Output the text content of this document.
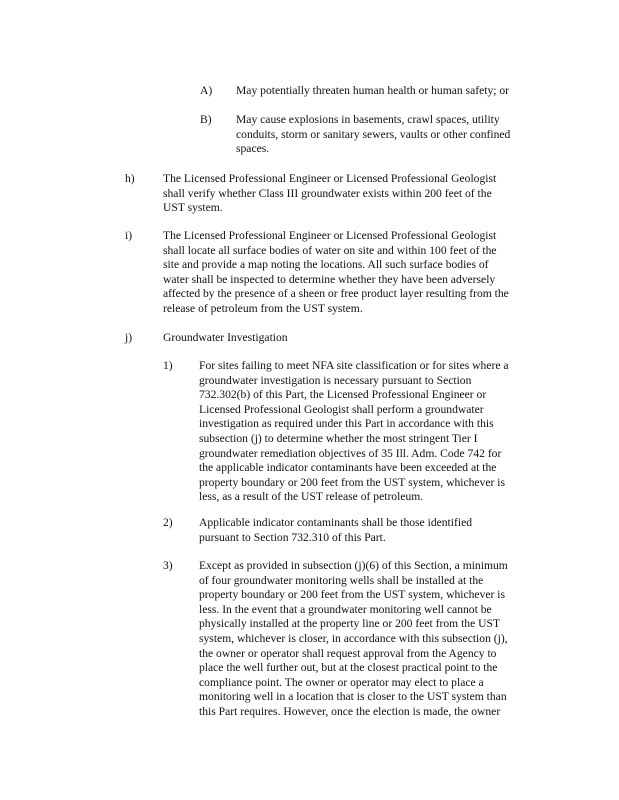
A) May potentially threaten human health or human safety; or

B) May cause explosions in basements, crawl spaces, utility
conduits, storm or sanitary sewers, vaults or other confined
spaces.

h) The Licensed Professional Engineer or Licensed Professional Geologist
shall verify whether Class III groundwater exists within 200 feet of the
UST system.

i)	The Licensed Professional Engineer or Licensed Professional Geologist
shall locate all surface bodies of water on site and within 100 feet of the
site and provide a map noting the locations. All such surface bodies of
water shall be inspected to determine whether they have been adversely
affected by the presence of a sheen or free product layer resulting from the
release of petroleum from the UST system.

j)	Groundwater Investigation

1) For sites failing to meet NFA site classification or for sites where a
groundwater investigation is necessary pursuant to Section
732.302(b) of this Part, the Licensed Professional Engineer or
Licensed Professional Geologist shall perform a groundwater
investigation as required under this Part in accordance with this
subsection (j) to determine whether the most stringent Tier I
groundwater remediation objectives of 35 Ill. Adm. Code 742 for
the applicable indicator contaminants have been exceeded at the
property boundary or 200 feet from the UST system, whichever is
less, as a result of the UST release of petroleum.

2) Applicable indicator contaminants shall be those identified
pursuant to Section 732.310 of this Part.

3) Except as provided in subsection (j)(6) of this Section, a minimum
of four groundwater monitoring wells shall be installed at the
property boundary or 200 feet from the UST system, whichever is
less. In the event that a groundwater monitoring well cannot be
physically installed at the property line or 200 feet from the UST
system, whichever is closer, in accordance with this subsection (j),
the owner or operator shall request approval from the Agency to
place the well further out, but at the closest practical point to the
compliance point. The owner or operator may elect to place a
monitoring well in a location that is closer to the UST system than
this Part requires. However, once the election is made, the owner
